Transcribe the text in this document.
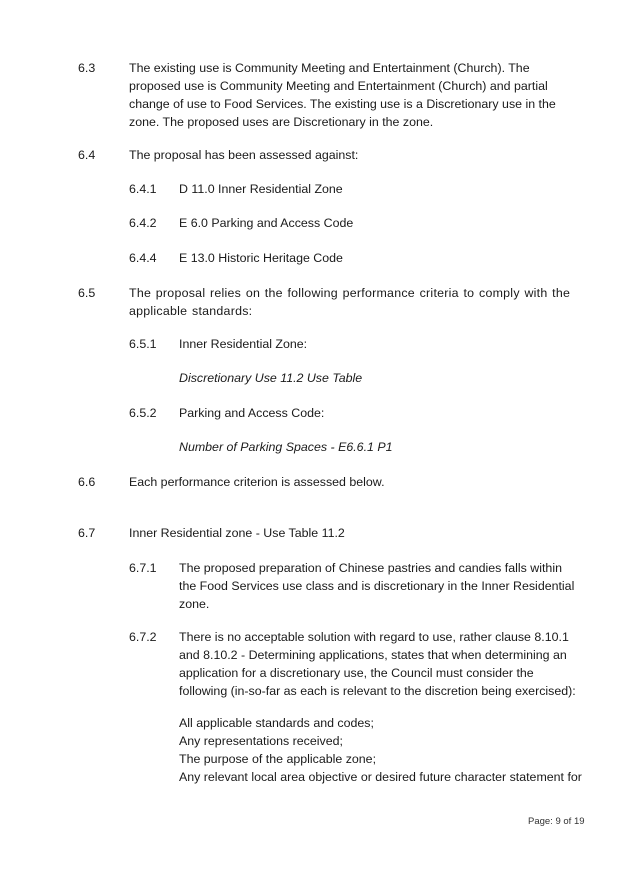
6.3	The existing use is Community Meeting and Entertainment (Church). The proposed use is Community Meeting and Entertainment (Church) and partial change of use to Food Services. The existing use is a Discretionary use in the zone. The proposed uses are Discretionary in the zone.

6.4	The proposal has been assessed against:

6.4.1 D 11.0 Inner Residential Zone

6.4.2 E 6.0 Parking and Access Code

6.4.4 E 13.0 Historic Heritage Code

6.5	The proposal relies on the following performance criteria to comply with the applicable standards:

6.5.1 Inner Residential Zone:

Discretionary Use 11.2 Use Table

6.5.2 Parking and Access Code:

Number of Parking Spaces - E6.6.1 P1

6.6	Each performance criterion is assessed below.

6.7	Inner Residential zone - Use Table 11.2

6.7.1 The proposed preparation of Chinese pastries and candies falls within the Food Services use class and is discretionary in the Inner Residential zone.

6.7.2 There is no acceptable solution with regard to use, rather clause 8.10.1 and 8.10.2 - Determining applications, states that when determining an application for a discretionary use, the Council must consider the following (in-so-far as each is relevant to the discretion being exercised):

All applicable standards and codes;
Any representations received;
The purpose of the applicable zone;
Any relevant local area objective or desired future character statement for
Page: 9 of 19
